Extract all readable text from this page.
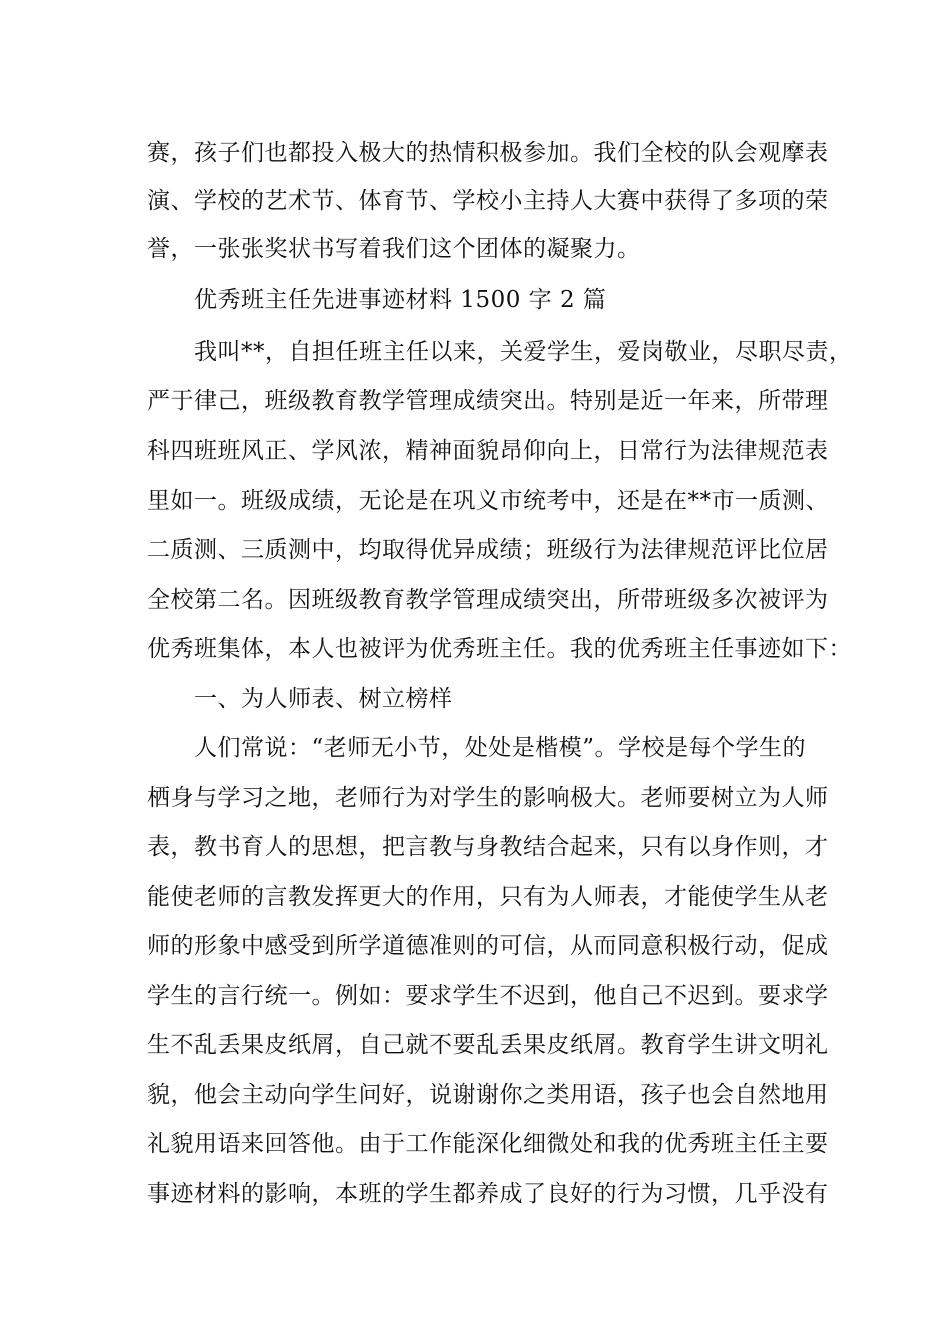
赛，孩子们也都投入极大的热情积极参加。我们全校的队会观摩表
演、学校的艺术节、体育节、学校小主持人大赛中获得了多项的荣
誉，一张张奖状书写着我们这个团体的凝聚力。
优秀班主任先进事迹材料 1500 字 2 篇
我叫**，自担任班主任以来，关爱学生，爱岗敬业，尽职尽责，
严于律己，班级教育教学管理成绩突出。特别是近一年来，所带理
科四班班风正、学风浓，精神面貌昂仰向上，日常行为法律规范表
里如一。班级成绩，无论是在巩义市统考中，还是在**市一质测、
二质测、三质测中，均取得优异成绩；班级行为法律规范评比位居
全校第二名。因班级教育教学管理成绩突出，所带班级多次被评为
优秀班集体，本人也被评为优秀班主任。我的优秀班主任事迹如下：
一、为人师表、树立榜样
人们常说：“老师无小节，处处是楷模”。学校是每个学生的
栖身与学习之地，老师行为对学生的影响极大。老师要树立为人师
表，教书育人的思想，把言教与身教结合起来，只有以身作则，才
能使老师的言教发挥更大的作用，只有为人师表，才能使学生从老
师的形象中感受到所学道德准则的可信，从而同意积极行动，促成
学生的言行统一。例如：要求学生不迟到，他自己不迟到。要求学
生不乱丢果皮纸屑，自己就不要乱丢果皮纸屑。教育学生讲文明礼
貌，他会主动向学生问好，说谢谢你之类用语，孩子也会自然地用
礼貌用语来回答他。由于工作能深化细微处和我的优秀班主任主要
事迹材料的影响，本班的学生都养成了良好的行为习惯，几乎没有
